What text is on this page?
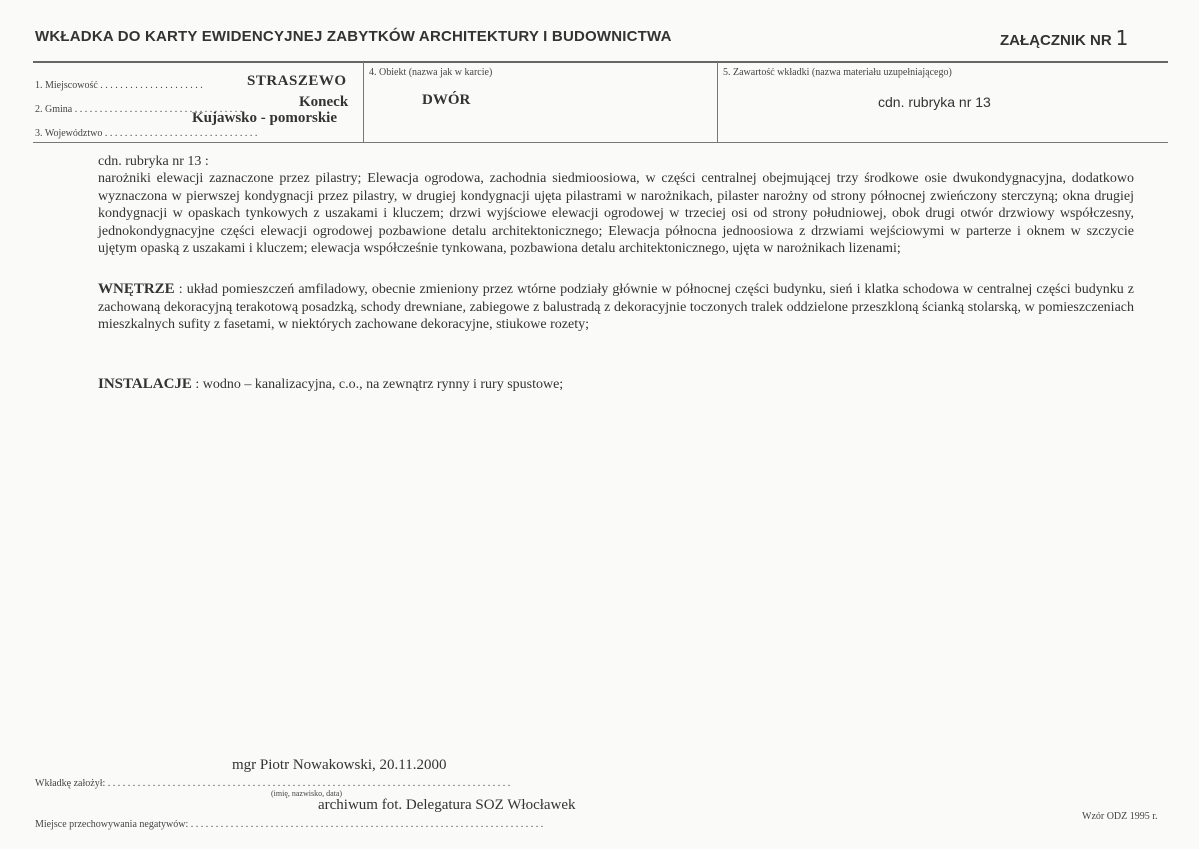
WKŁADKA DO KARTY EWIDENCYJNEJ ZABYTKÓW ARCHITEKTURY I BUDOWNICTWA	ZAŁĄCZNIK NR 1
1. Miejscowość . . . . . . . . . . . . . . . . . . . . .	STRASZEWO
2. Gmina . . . . . . . . . . . . . . . . . . . . . . . . . . . . . . . . . .	Koneck
3. Województwo . . . . . . . . . . . . . . . . . . . . . . . . . . . . . . .
Kujawsko - pomorskie
4. Obiekt (nazwa jak w karcie)
DWÓR
5. Zawartość wkładki (nazwa materiału uzupełniającego)
cdn. rubryka nr 13
cdn. rubryka nr 13 :

narożniki elewacji zaznaczone przez pilastry; Elewacja ogrodowa, zachodnia siedmioosiowa, w części centralnej obejmującej trzy środkowe osie dwukondygnacyjna, dodatkowo wyznaczona w pierwszej kondygnacji przez pilastry, w drugiej kondygnacji ujęta pilastrami w narożnikach, pilaster narożny od strony północnej zwieńczony sterczyną; okna drugiej kondygnacji w opaskach tynkowych z uszakami i kluczem; drzwi wyjściowe elewacji ogrodowej w trzeciej osi od strony południowej, obok drugi otwór drzwiowy współczesny, jednokondygnacyjne części elewacji ogrodowej pozbawione detalu architektonicznego; Elewacja północna jednoosiowa z drzwiami wejściowymi w parterze i oknem w szczycie ujętym opaską z uszakami i kluczem; elewacja współcześnie tynkowana, pozbawiona detalu architektonicznego, ujęta w narożnikach lizenami;

WNĘTRZE : układ pomieszczeń amfiladowy, obecnie zmieniony przez wtórne podziały głównie w północnej części budynku, sień i klatka schodowa w centralnej części budynku z zachowaną dekoracyjną terakotową posadzką, schody drewniane, zabiegowe z balustradą z dekoracyjnie toczonych tralek oddzielone przeszkloną ścianką stolarską, w pomieszczeniach mieszkalnych sufity z fasetami, w niektórych zachowane dekoracyjne, stiukowe rozety;

INSTALACJE : wodno – kanalizacyjna, c.o., na zewnątrz rynny i rury spustowe;

mgr Piotr Nowakowski, 20.11.2000
Wkładkę założył: . . . . . . . . . . . . . . . . . . . . . . . . . . . . . . . . . . . . . . . . . . . . . . . . . . . . . . . . . . . . . . . . . . . . . . . . . . . . . . . . .
(imię, nazwisko, data)
archiwum fot. Delegatura SOZ Włocławek
Miejsce przechowywania negatywów: . . . . . . . . . . . . . . . . . . . . . . . . . . . . . . . . . . . . . . . . . . . . . . . . . . . . . . . . . . . . . . . . . . . . . . .
Wzór ODZ 1995 r.
